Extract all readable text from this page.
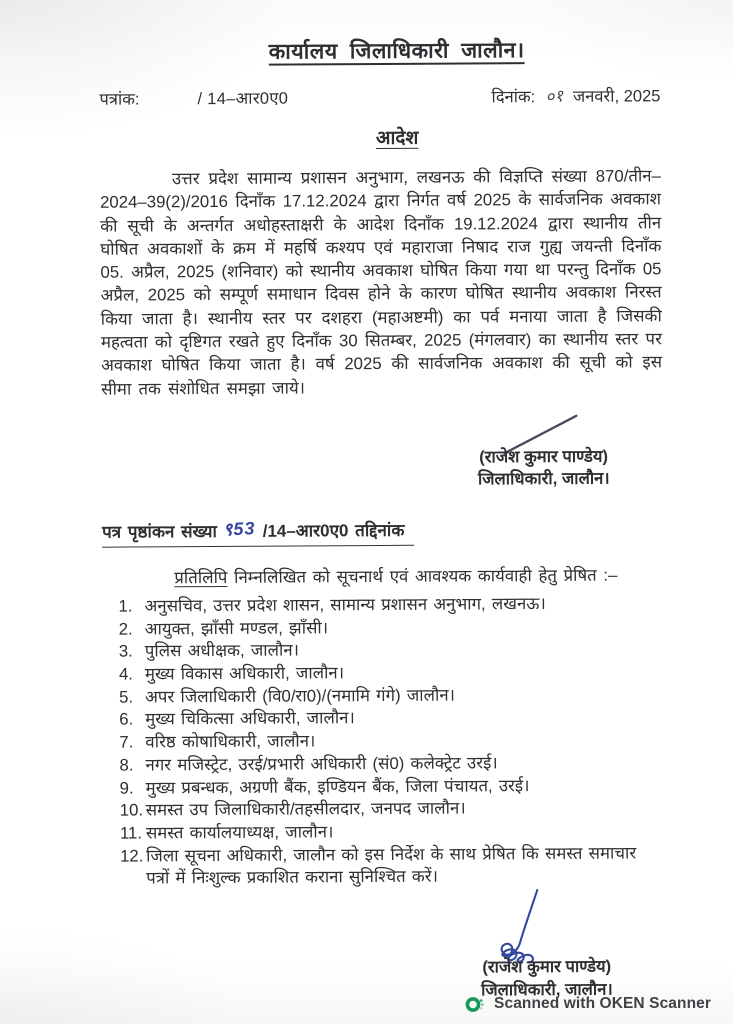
कार्यालय जिलाधिकारी जालौन।
पत्रांक:	/ 14–आर0ए0	दिनांक: ०१ जनवरी, 2025
आदेश

उत्तर प्रदेश सामान्य प्रशासन अनुभाग, लखनऊ की विज्ञप्ति संख्या 870/तीन–2024–39(2)/2016 दिनाँक 17.12.2024 द्वारा निर्गत वर्ष 2025 के सार्वजनिक अवकाश की सूची के अन्तर्गत अधोहस्ताक्षरी के आदेश दिनाँक 19.12.2024 द्वारा स्थानीय तीन घोषित अवकाशों के क्रम में महर्षि कश्यप एवं महाराजा निषाद राज गुह्य जयन्ती दिनाँक 05. अप्रैल, 2025 (शनिवार) को स्थानीय अवकाश घोषित किया गया था परन्तु दिनाँक 05 अप्रैल, 2025 को सम्पूर्ण समाधान दिवस होने के कारण घोषित स्थानीय अवकाश निरस्त किया जाता है। स्थानीय स्तर पर दशहरा (महाअष्टमी) का पर्व मनाया जाता है जिसकी महत्वता को दृष्टिगत रखते हुए दिनाँक 30 सितम्बर, 2025 (मंगलवार) का स्थानीय स्तर पर अवकाश घोषित किया जाता है। वर्ष 2025 की सार्वजनिक अवकाश की सूची को इस सीमा तक संशोधित समझा जाये।

(राजेश कुमार पाण्डेय)
जिलाधिकारी, जालौन।
पत्र पृष्ठांकन संख्या ९53 /14–आर0ए0 तद्दिनांक

प्रतिलिपि निम्नलिखित को सूचनार्थ एवं आवश्यक कार्यवाही हेतु प्रेषित :–

1. अनुसचिव, उत्तर प्रदेश शासन, सामान्य प्रशासन अनुभाग, लखनऊ।
2. आयुक्त, झाँसी मण्डल, झाँसी।
3. पुलिस अधीक्षक, जालौन।
4. मुख्य विकास अधिकारी, जालौन।
5. अपर जिलाधिकारी (वि0/रा0)/(नमामि गंगे) जालौन।
6. मुख्य चिकित्सा अधिकारी, जालौन।
7. वरिष्ठ कोषाधिकारी, जालौन।
8. नगर मजिस्ट्रेट, उरई/प्रभारी अधिकारी (सं0) कलेक्ट्रेट उरई।
9. मुख्य प्रबन्धक, अग्रणी बैंक, इण्डियन बैंक, जिला पंचायत, उरई।
10. समस्त उप जिलाधिकारी/तहसीलदार, जनपद जालौन।
11. समस्त कार्यालयाध्यक्ष, जालौन।
12. जिला सूचना अधिकारी, जालौन को इस निर्देश के साथ प्रेषित कि समस्त समाचार पत्रों में निःशुल्क प्रकाशित कराना सुनिश्चित करें।
(राजेश कुमार पाण्डेय)
जिलाधिकारी, जालौन।
Scanned with OKEN Scanner
